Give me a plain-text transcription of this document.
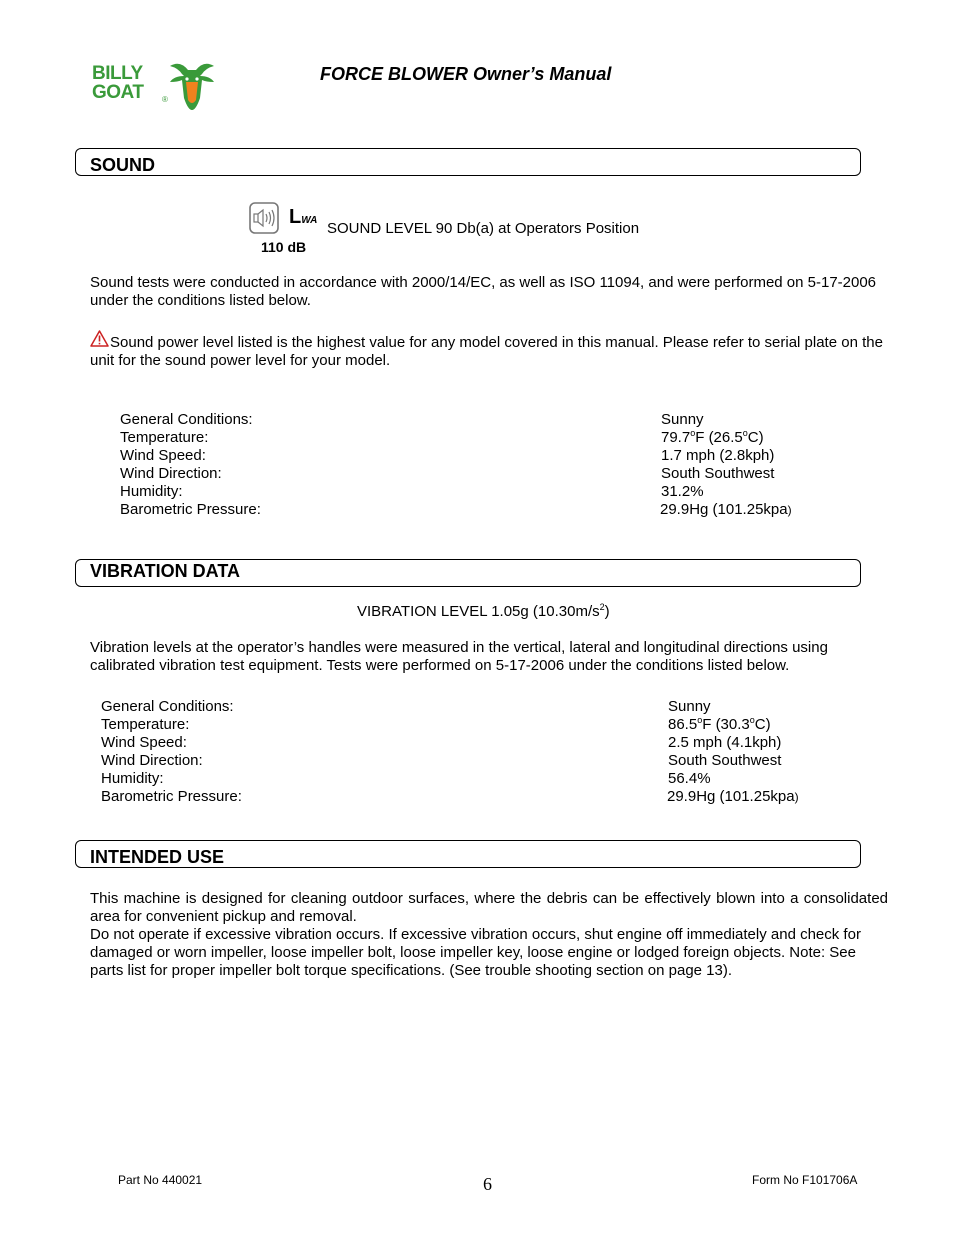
BILLY
GOAT ®
FORCE BLOWER Owner’s Manual
SOUND
LWA
110 dB
SOUND LEVEL 90 Db(a) at Operators Position
Sound tests were conducted in accordance with 2000/14/EC, as well as ISO 11094, and were performed on 5-17-2006 under the conditions listed below.
Sound power level listed is the highest value for any model covered in this manual. Please refer to serial plate on the unit for the sound power level for your model.
General Conditions:
Temperature:
Wind Speed:
Wind Direction:
Humidity:
Barometric Pressure:
Sunny
79.7$^o$F (26.5$^o$C)
1.7 mph (2.8kph)
South Southwest
31.2%
29.9Hg (101.25kpa)
VIBRATION DATA
VIBRATION LEVEL 1.05g $(10.30m/s^2)$
Vibration levels at the operator’s handles were measured in the vertical, lateral and longitudinal directions using calibrated vibration test equipment. Tests were performed on 5-17-2006 under the conditions listed below.
General Conditions:
Temperature:
Wind Speed:
Wind Direction:
Humidity:
Barometric Pressure:
Sunny
86.5$^o$F (30.3$^o$C)
2.5 mph (4.1kph)
South Southwest
56.4%
29.9Hg (101.25kpa)
INTENDED USE
This machine is designed for cleaning outdoor surfaces, where the debris can be effectively blown into a consolidated area for convenient pickup and removal.
Do not operate if excessive vibration occurs. If excessive vibration occurs, shut engine off immediately and check for damaged or worn impeller, loose impeller bolt, loose impeller key, loose engine or lodged foreign objects. Note: See parts list for proper impeller bolt torque specifications. (See trouble shooting section on page 13).
Part No 440021	6	Form No F101706A
